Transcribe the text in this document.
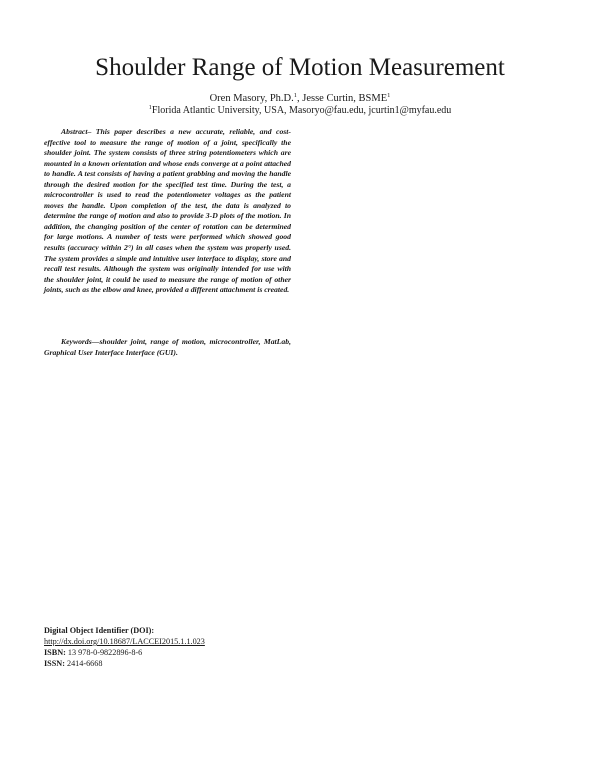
Shoulder Range of Motion Measurement
Oren Masory, Ph.D.$^1$, Jesse Curtin, BSME$^1$
$^1$Florida Atlantic University, USA, Masoryo@fau.edu, jcurtin1@myfau.edu

Abstract– This paper describes a new accurate, reliable, and cost-effective tool to measure the range of motion of a joint, specifically the shoulder joint. The system consists of three string potentiometers which are mounted in a known orientation and whose ends converge at a point attached to handle. A test consists of having a patient grabbing and moving the handle through the desired motion for the specified test time. During the test, a microcontroller is used to read the potentiometer voltages as the patient moves the handle. Upon completion of the test, the data is analyzed to determine the range of motion and also to provide 3-D plots of the motion. In addition, the changing position of the center of rotation can be determined for large motions. A number of tests were performed which showed good results (accuracy within 2°) in all cases when the system was properly used. The system provides a simple and intuitive user interface to display, store and recall test results. Although the system was originally intended for use with the shoulder joint, it could be used to measure the range of motion of other joints, such as the elbow and knee, provided a different attachment is created.

Keywords—shoulder joint, range of motion, microcontroller, MatLab, Graphical User Interface Interface (GUI).

Digital Object Identifier (DOI):
http://dx.doi.org/10.18687/LACCEI2015.1.1.023
ISBN: 13 978-0-9822896-8-6
ISSN: 2414-6668
